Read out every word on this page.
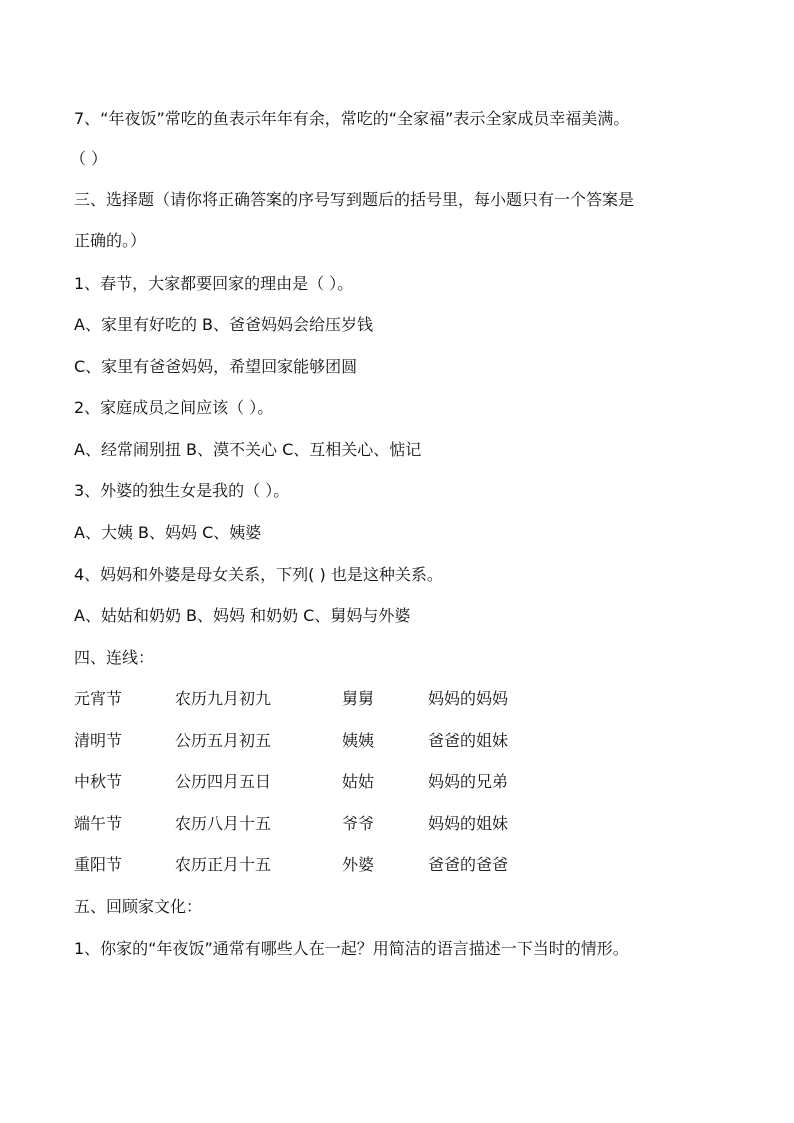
7、“年夜饭”常吃的鱼表示年年有余，常吃的“全家福”表示全家成员幸福美满。
（ ）
三、选择题（请你将正确答案的序号写到题后的括号里，每小题只有一个答案是
正确的。）
1、春节，大家都要回家的理由是（ ）。
A、家里有好吃的 B、爸爸妈妈会给压岁钱
C、家里有爸爸妈妈，希望回家能够团圆
2、家庭成员之间应该（ ）。
A、经常闹别扭 B、漠不关心 C、互相关心、惦记
3、外婆的独生女是我的（ ）。
A、大姨 B、妈妈 C、姨婆
4、妈妈和外婆是母女关系，下列( ) 也是这种关系。
A、姑姑和奶奶 B、妈妈 和奶奶 C、舅妈与外婆
四、连线：
元宵节	农历九月初九	舅舅	妈妈的妈妈
清明节	公历五月初五	姨姨	爸爸的姐妹
中秋节	公历四月五日	姑姑	妈妈的兄弟
端午节	农历八月十五	爷爷	妈妈的姐妹
重阳节	农历正月十五	外婆	爸爸的爸爸
五、回顾家文化：
1、你家的“年夜饭”通常有哪些人在一起？用简洁的语言描述一下当时的情形。
